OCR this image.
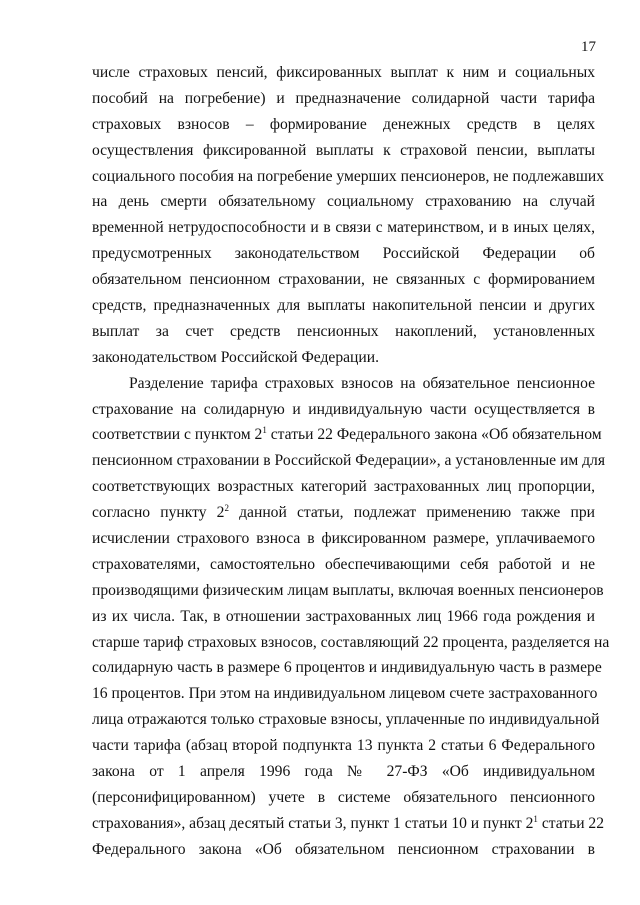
17
числе страховых пенсий, фиксированных выплат к ним и социальных
пособий на погребение) и предназначение солидарной части тарифа
страховых взносов – формирование денежных средств в целях
осуществления фиксированной выплаты к страховой пенсии, выплаты
социального пособия на погребение умерших пенсионеров, не подлежавших
на день смерти обязательному социальному страхованию на случай
временной нетрудоспособности и в связи с материнством, и в иных целях,
предусмотренных законодательством Российской Федерации об
обязательном пенсионном страховании, не связанных с формированием
средств, предназначенных для выплаты накопительной пенсии и других
выплат за счет средств пенсионных накоплений, установленных
законодательством Российской Федерации.
Разделение тарифа страховых взносов на обязательное пенсионное
страхование на солидарную и индивидуальную части осуществляется в
соответствии с пунктом $2^1$ статьи 22 Федерального закона «Об обязательном
пенсионном страховании в Российской Федерации», а установленные им для
соответствующих возрастных категорий застрахованных лиц пропорции,
согласно пункту $2^2$ данной статьи, подлежат применению также при
исчислении страхового взноса в фиксированном размере, уплачиваемого
страхователями, самостоятельно обеспечивающими себя работой и не
производящими физическим лицам выплаты, включая военных пенсионеров
из их числа. Так, в отношении застрахованных лиц 1966 года рождения и
старше тариф страховых взносов, составляющий 22 процента, разделяется на
солидарную часть в размере 6 процентов и индивидуальную часть в размере
16 процентов. При этом на индивидуальном лицевом счете застрахованного
лица отражаются только страховые взносы, уплаченные по индивидуальной
части тарифа (абзац второй подпункта 13 пункта 2 статьи 6 Федерального
закона от 1 апреля 1996 года № 27-ФЗ «Об индивидуальном
(персонифицированном) учете в системе обязательного пенсионного
страхования», абзац десятый статьи 3, пункт 1 статьи 10 и пункт $2^1$ статьи 22
Федерального закона «Об обязательном пенсионном страховании в
